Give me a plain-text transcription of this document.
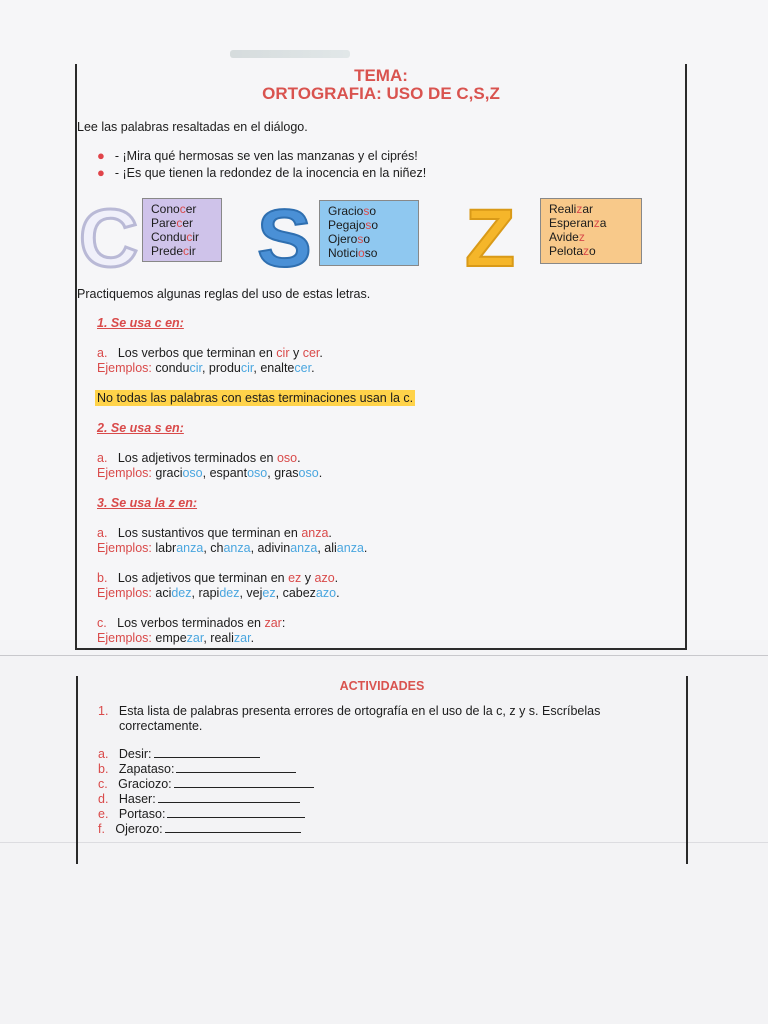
TEMA:
ORTOGRAFIA: USO DE C,S,Z
Lee las palabras resaltadas en el diálogo.
● - ¡Mira qué hermosas se ven las manzanas y el ciprés!
● - ¡Es que tienen la redondez de la inocencia en la niñez!
C Conocer
Parecer
Conducir
Predecir S Gracioso
Pegajoso
Ojeroso
Noticioso	Z	Realizar
Esperanza
Avidez
Pelotazo
Practiquemos algunas reglas del uso de estas letras.
1. Se usa c en:
a. Los verbos que terminan en cir y cer.
Ejemplos: conducir, producir, enaltecer.
No todas las palabras con estas terminaciones usan la c.
2. Se usa s en:
a. Los adjetivos terminados en oso.
Ejemplos: gracioso, espantoso, grasoso.
3. Se usa la z en:
a. Los sustantivos que terminan en anza.
Ejemplos: labranza, chanza, adivinanza, alianza.
b. Los adjetivos que terminan en ez y azo.
Ejemplos: acidez, rapidez, vejez, cabezazo.
c. Los verbos terminados en zar:
Ejemplos: empezar, realizar.
ACTIVIDADES
1. Esta lista de palabras presenta errores de ortografía en el uso de la c, z y s. Escríbelas
correctamente.
a. Desir:
b. Zapataso:
c. Graciozo:
d. Haser:
e. Portaso:
f. Ojerozo:
